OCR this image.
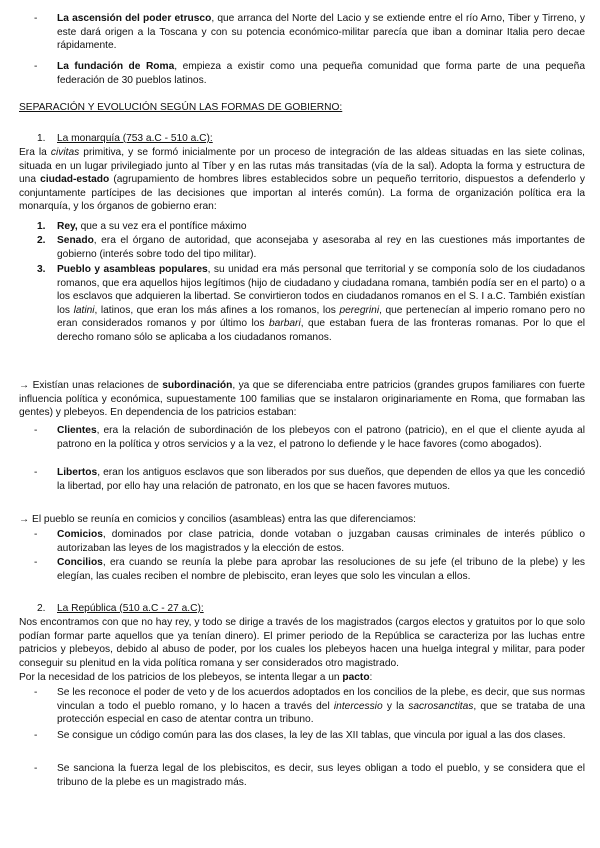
- La ascensión del poder etrusco, que arranca del Norte del Lacio y se extiende entre el río Arno, Tiber y Tirreno, y este dará origen a la Toscana y con su potencia económico-militar parecía que iban a dominar Italia pero decae rápidamente.

- La fundación de Roma, empieza a existir como una pequeña comunidad que forma parte de una pequeña federación de 30 pueblos latinos.

SEPARACIÓN Y EVOLUCIÓN SEGÚN LAS FORMAS DE GOBIERNO:

1. La monarquía (753 a.C - 510 a.C):

Era la civitas primitiva, y se formó inicialmente por un proceso de integración de las aldeas situadas en las siete colinas, situada en un lugar privilegiado junto al Tíber y en las rutas más transitadas (vía de la sal). Adopta la forma y estructura de una ciudad-estado (agrupamiento de hombres libres establecidos sobre un pequeño territorio, dispuestos a defenderlo y conjuntamente partícipes de las decisiones que importan al interés común). La forma de organización política era la monarquía, y los órganos de gobierno eran:

1. Rey, que a su vez era el pontífice máximo

2. Senado, era el órgano de autoridad, que aconsejaba y asesoraba al rey en las cuestiones más importantes de gobierno (interés sobre todo del tipo militar).

3. Pueblo y asambleas populares, su unidad era más personal que territorial y se componía solo de los ciudadanos romanos, que era aquellos hijos legítimos (hijo de ciudadano y ciudadana romana, también podía ser en el parto) o a los esclavos que adquieren la libertad. Se convirtieron todos en ciudadanos romanos en el S. I a.C. También existían los latini, latinos, que eran los más afines a los romanos, los peregrini, que pertenecían al imperio romano pero no eran considerados romanos y por último los barbari, que estaban fuera de las fronteras romanas. Por lo que el derecho romano sólo se aplicaba a los ciudadanos romanos.

→ Existían unas relaciones de subordinación, ya que se diferenciaba entre patricios (grandes grupos familiares con fuerte influencia política y económica, supuestamente 100 familias que se instalaron originariamente en Roma, que formaban las gentes) y plebeyos. En dependencia de los patricios estaban:

- Clientes, era la relación de subordinación de los plebeyos con el patrono (patricio), en el que el cliente ayuda al patrono en la política y otros servicios y a la vez, el patrono lo defiende y le hace favores (como abogados).

- Libertos, eran los antiguos esclavos que son liberados por sus dueños, que dependen de ellos ya que les concedió la libertad, por ello hay una relación de patronato, en los que se hacen favores mutuos.

→ El pueblo se reunía en comicios y concilios (asambleas) entra las que diferenciamos:

- Comicios, dominados por clase patricia, donde votaban o juzgaban causas criminales de interés público o autorizaban las leyes de los magistrados y la elección de estos.

- Concilios, era cuando se reunía la plebe para aprobar las resoluciones de su jefe (el tribuno de la plebe) y les elegían, las cuales reciben el nombre de plebiscito, eran leyes que solo les vinculan a ellos.

2. La República (510 a.C - 27 a.C):

Nos encontramos con que no hay rey, y todo se dirige a través de los magistrados (cargos electos y gratuitos por lo que solo podían formar parte aquellos que ya tenían dinero). El primer periodo de la República se caracteriza por las luchas entre patricios y plebeyos, debido al abuso de poder, por los cuales los plebeyos hacen una huelga integral y militar, para poder conseguir su plenitud en la vida política romana y ser considerados otro magistrado.

Por la necesidad de los patricios de los plebeyos, se intenta llegar a un pacto:

- Se les reconoce el poder de veto y de los acuerdos adoptados en los concilios de la plebe, es decir, que sus normas vinculan a todo el pueblo romano, y lo hacen a través del intercessio y la sacrosanctitas, que se trataba de una protección especial en caso de atentar contra un tribuno.

- Se consigue un código común para las dos clases, la ley de las XII tablas, que vincula por igual a las dos clases.

- Se sanciona la fuerza legal de los plebiscitos, es decir, sus leyes obligan a todo el pueblo, y se considera que el tribuno de la plebe es un magistrado más.
